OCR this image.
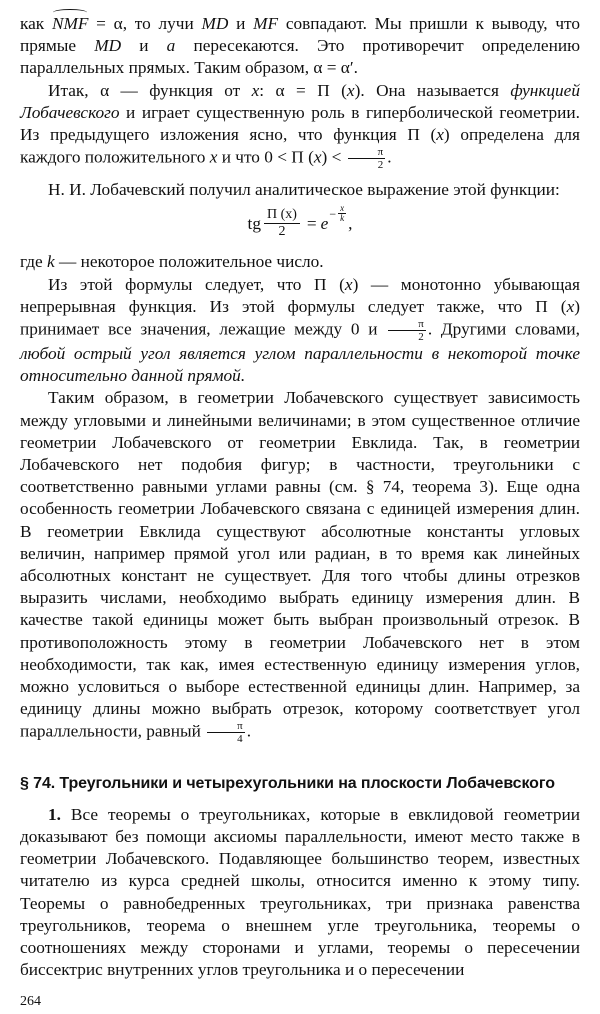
как NMF = α, то лучи MD и MF совпадают. Мы пришли к выводу, что прямые MD и a пересекаются. Это противоречит определению параллельных прямых. Таким образом, α = α′.

Итак, α — функция от x: α = Π (x). Она называется функцией Лобачевского и играет существенную роль в гиперболической геометрии. Из предыдущего изложения ясно, что функция Π (x) определена для каждого положительного x и что 0 < Π $(x) < \frac{\pi}{2}$ .

Н. И. Лобачевский получил аналитическое выражение этой функции:

tg $\frac{\Pi (x)}{2} = e - \frac{x}{k}$ ,

где k — некоторое положительное число.

Из этой формулы следует, что Π (x) — монотонно убывающая непрерывная функция. Из этой формулы следует также, что Π (x) принимает все значения, лежащие между 0 и $\frac{\pi}{2}$ . Другими словами, любой острый угол является углом параллельности в некоторой точке относительно данной прямой.

Таким образом, в геометрии Лобачевского существует зависимость между угловыми и линейными величинами; в этом существенное отличие геометрии Лобачевского от геометрии Евклида. Так, в геометрии Лобачевского нет подобия фигур; в частности, треугольники с соответственно равными углами равны (см. § 74, теорема 3). Еще одна особенность геометрии Лобачевского связана с единицей измерения длин. В геометрии Евклида существуют абсолютные константы угловых величин, например прямой угол или радиан, в то время как линейных абсолютных констант не существует. Для того чтобы длины отрезков выразить числами, необходимо выбрать единицу измерения длин. В качестве такой единицы может быть выбран произвольный отрезок. В противоположность этому в геометрии Лобачевского нет в этом необходимости, так как, имея естественную единицу измерения углов, можно условиться о выборе естественной единицы длин. Например, за единицу длины можно выбрать отрезок, которому соответствует угол параллельности, равный $\frac{\pi}{4}$ .

§ 74. Треугольники и четырехугольники на плоскости Лобачевского

1. Все теоремы о треугольниках, которые в евклидовой геометрии доказывают без помощи аксиомы параллельности, имеют место также в геометрии Лобачевского. Подавляющее большинство теорем, известных читателю из курса средней школы, относится именно к этому типу. Теоремы о равнобедренных треугольниках, три признака равенства треугольников, теорема о внешнем угле треугольника, теоремы о соотношениях между сторонами и углами, теоремы о пересечении биссектрис внутренних углов треугольника и о пересечении

264
